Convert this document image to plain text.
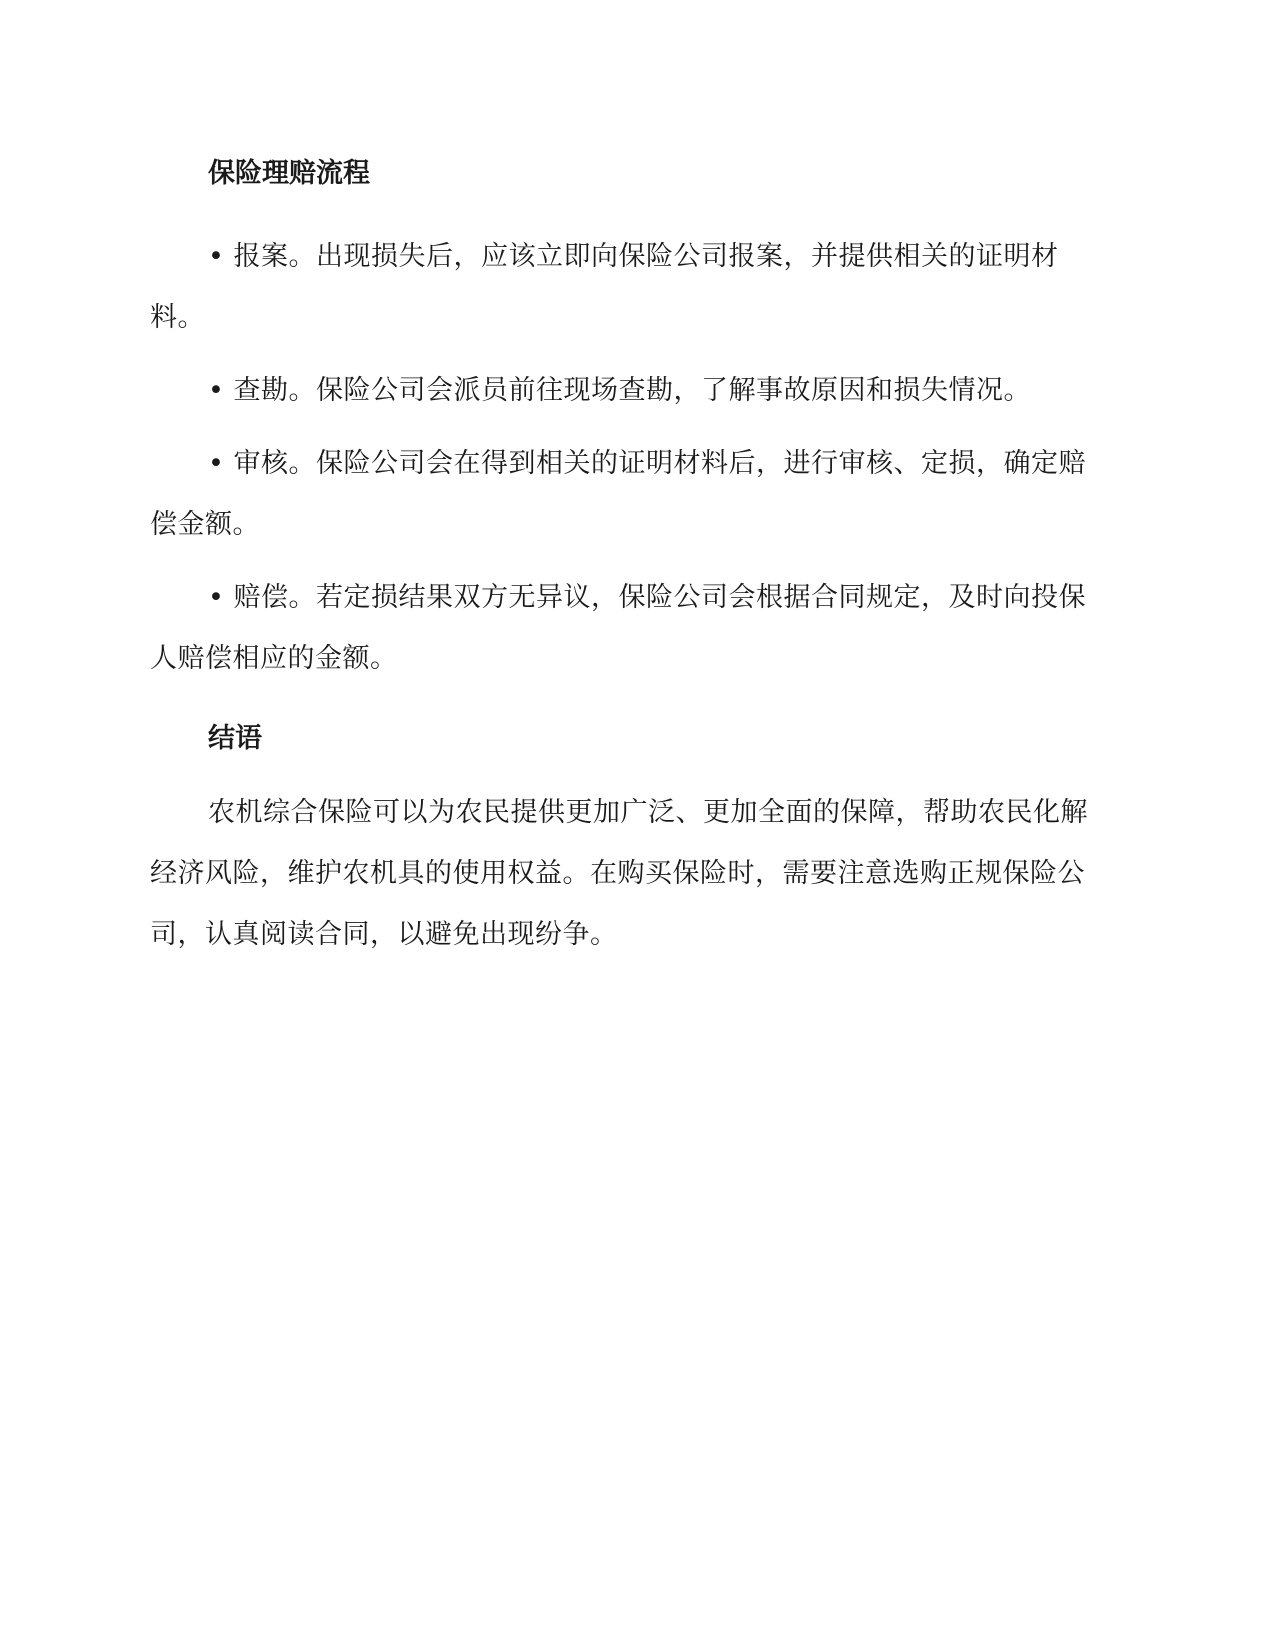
保险理赔流程

• 报案。出现损失后，应该立即向保险公司报案，并提供相关的证明材料。

• 查勘。保险公司会派员前往现场查勘，了解事故原因和损失情况。

• 审核。保险公司会在得到相关的证明材料后，进行审核、定损，确定赔偿金额。

• 赔偿。若定损结果双方无异议，保险公司会根据合同规定，及时向投保人赔偿相应的金额。

结语

农机综合保险可以为农民提供更加广泛、更加全面的保障，帮助农民化解经济风险，维护农机具的使用权益。在购买保险时，需要注意选购正规保险公司，认真阅读合同，以避免出现纷争。
